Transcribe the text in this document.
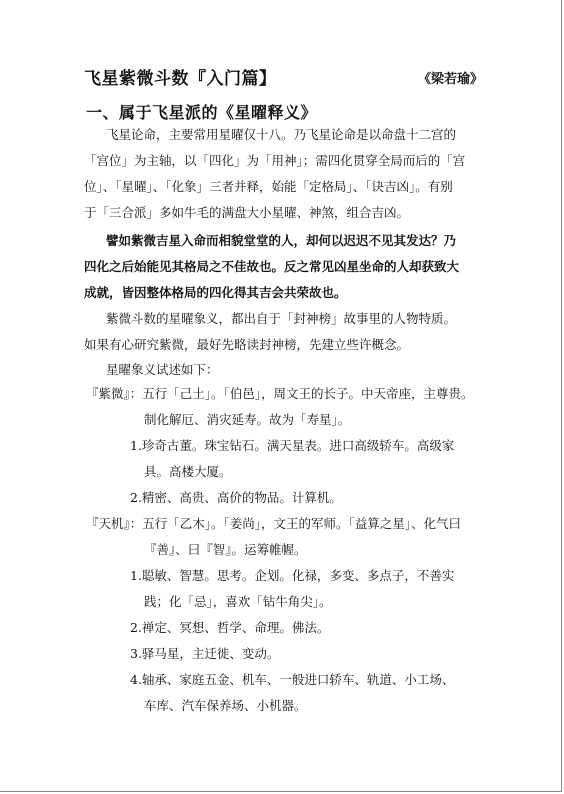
飞星紫微斗数『入门篇】	《梁若瑜》
一、属于飞星派的《星曜释义》
飞星论命，主要常用星曜仅十八。乃飞星论命是以命盘十二宫的
「宫位」为主轴，以「四化」为「用神」；需四化贯穿全局而后的「宫
位」、「星曜」、「化象」三者并释，始能「定格局」、「诀吉凶」。有别
于「三合派」多如牛毛的满盘大小星曜、神煞，组合吉凶。
譬如紫微吉星入命而相貌堂堂的人，却何以迟迟不见其发达？乃
四化之后始能见其格局之不佳故也。反之常见凶星坐命的人却获致大
成就，皆因整体格局的四化得其吉会共荣故也。
紫微斗数的星曜象义，都出自于「封神榜」故事里的人物特质。
如果有心研究紫微，最好先略读封神榜，先建立些许概念。
星曜象义试述如下：
『紫微』：五行「己土」。「伯邑」，周文王的长子。中天帝座，主尊贵。
制化解厄、消灾延寿。故为「寿星」。
1.珍奇古董。珠宝钻石。满天星表。进口高级轿车。高级家
具。高楼大厦。
2.精密、高贵、高价的物品。计算机。
『天机』：五行「乙木」。「姜尚」，文王的军师。「益算之星」、化气曰
『善』、曰『智』。运筹帷幄。
1.聪敏、智慧。思考。企划。化禄，多变、多点子，不善实
践；化「忌」，喜欢「钻牛角尖」。
2.禅定、冥想、哲学、命理。佛法。
3.驿马星，主迁徙、变动。
4.轴承、家庭五金、机车、一般进口轿车、轨道、小工场、
车库、汽车保养场、小机器。
